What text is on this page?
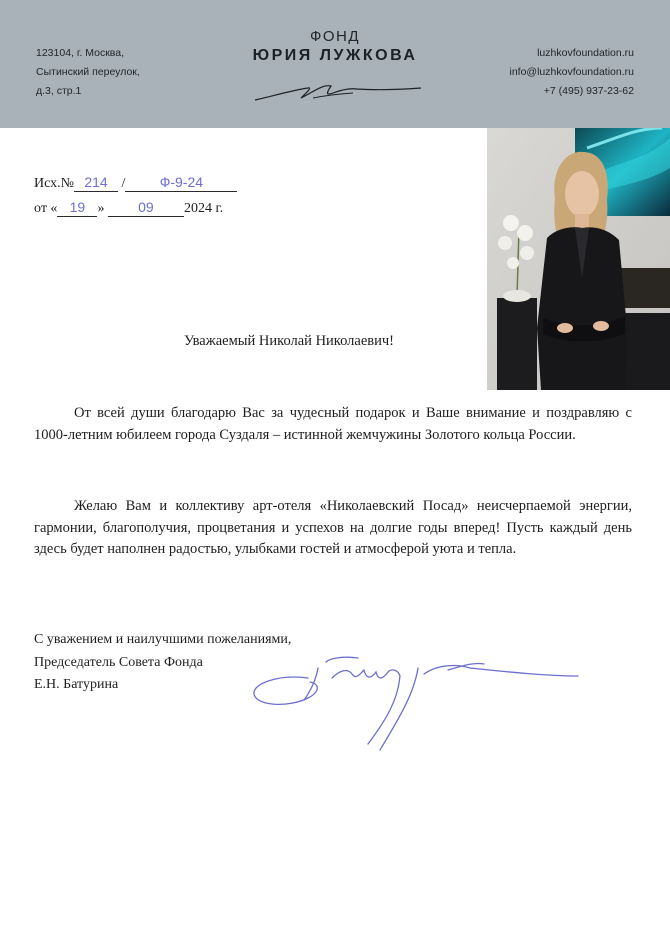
123104, г. Москва,
Сытинский переулок,
д.3, стр.1
ФОНД
ЮРИЯ ЛУЖКОВА	luzhkovfoundation.ru
info@luzhkovfoundation.ru
+7 (495) 937-23-62
Исх.№ 214 / Ф-9-24
от « 19 » 09 2024 г.
Уважаемый Николай Николаевич!
От всей души благодарю Вас за чудесный подарок и Ваше внимание и поздравляю с 1000-летним юбилеем города Суздаля – истинной жемчужины Золотого кольца России.
Желаю Вам и коллективу арт-отеля «Николаевский Посад» неисчерпаемой энергии, гармонии, благополучия, процветания и успехов на долгие годы вперед! Пусть каждый день здесь будет наполнен радостью, улыбками гостей и атмосферой уюта и тепла.
С уважением и наилучшими пожеланиями,
Председатель Совета Фонда
Е.Н. Батурина
